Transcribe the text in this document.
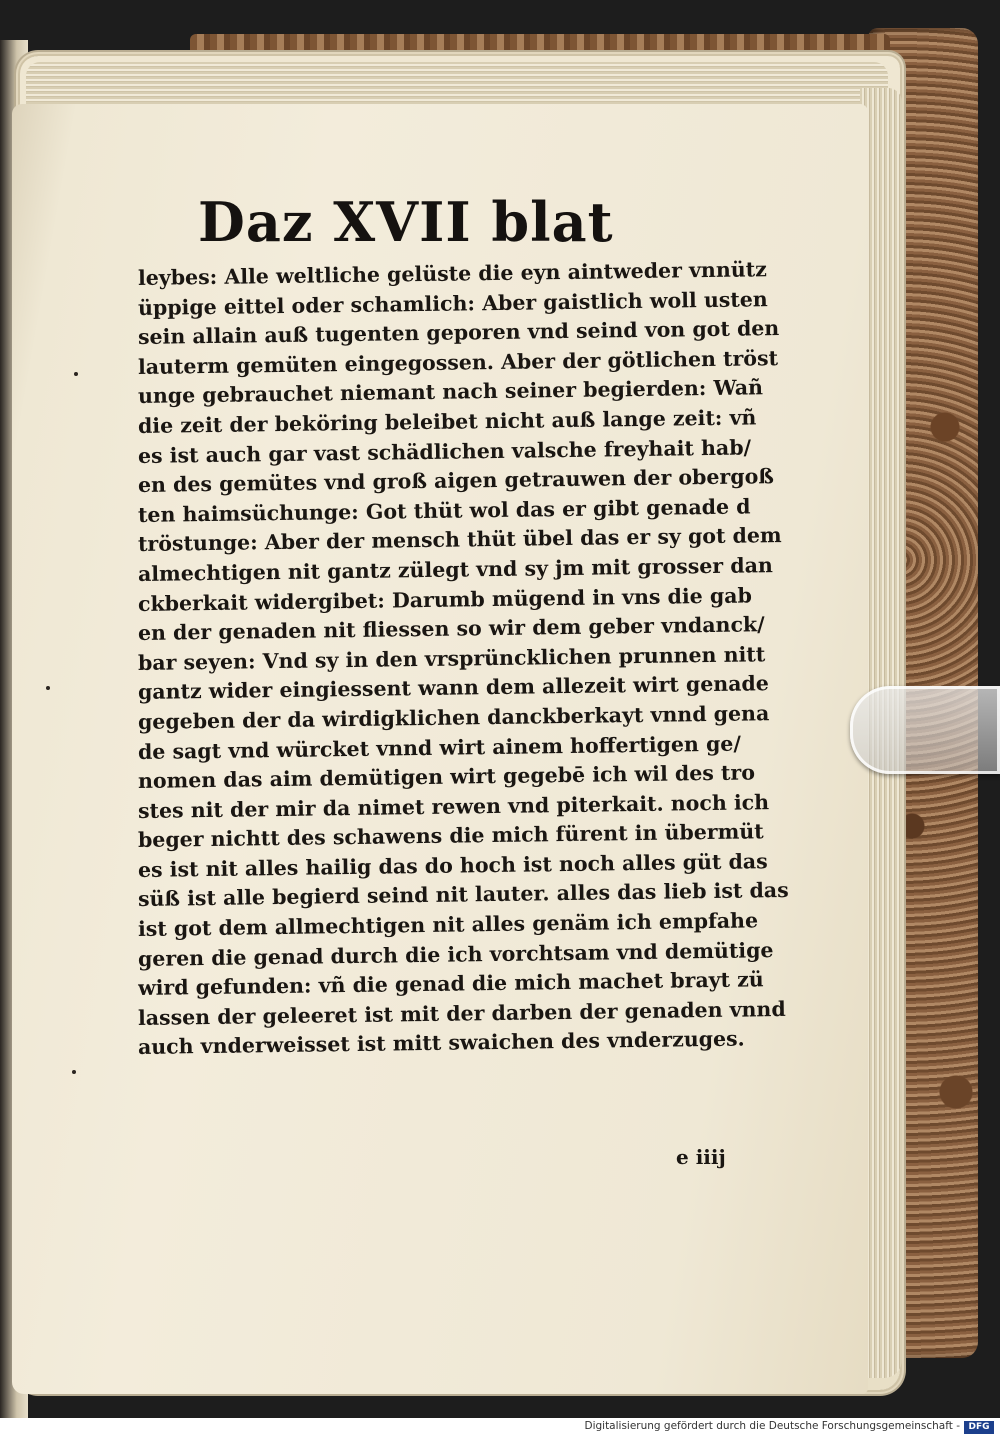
Daz XVII blat
leybes: Alle weltliche gelüste die eyn aintweder vnnütz
üppige eittel oder schamlich: Aber gaistlich woll usten
sein allain auß tugenten geporen vnd seind von got den
lauterm gemüten eingegossen. Aber der götlichen tröst
unge gebrauchet niemant nach seiner begierden: Wañ
die zeit der beköring beleibet nicht auß lange zeit: vñ
es ist auch gar vast schädlichen valsche freyhait hab/
en des gemütes vnd groß aigen getrauwen der obergoß
ten haimsüchunge: Got thüt wol das er gibt genade d
tröstunge: Aber der mensch thüt übel das er sy got dem
almechtigen nit gantz zülegt vnd sy jm mit grosser dan
ckberkait widergibet: Darumb mügend in vns die gab
en der genaden nit fliessen so wir dem geber vndanck/
bar seyen: Vnd sy in den vrsprüncklichen prunnen nitt
gantz wider eingiessent wann dem allezeit wirt genade
gegeben der da wirdigklichen danckberkayt vnnd gena
de sagt vnd würcket vnnd wirt ainem hoffertigen ge/
nomen das aim demütigen wirt gegebē ich wil des tro
stes nit der mir da nimet rewen vnd piterkait. noch ich
beger nichtt des schawens die mich fürent in übermüt
es ist nit alles hailig das do hoch ist noch alles güt das
süß ist alle begierd seind nit lauter. alles das lieb ist das
ist got dem allmechtigen nit alles genäm ich empfahe
geren die genad durch die ich vorchtsam vnd demütige
wird gefunden: vñ die genad die mich machet brayt zü
lassen der geleeret ist mit der darben der genaden vnnd
auch vnderweisset ist mitt swaichen des vnderzuges.
e iiij
Digitalisierung gefördert durch die Deutsche Forschungsgemeinschaft - DFG
